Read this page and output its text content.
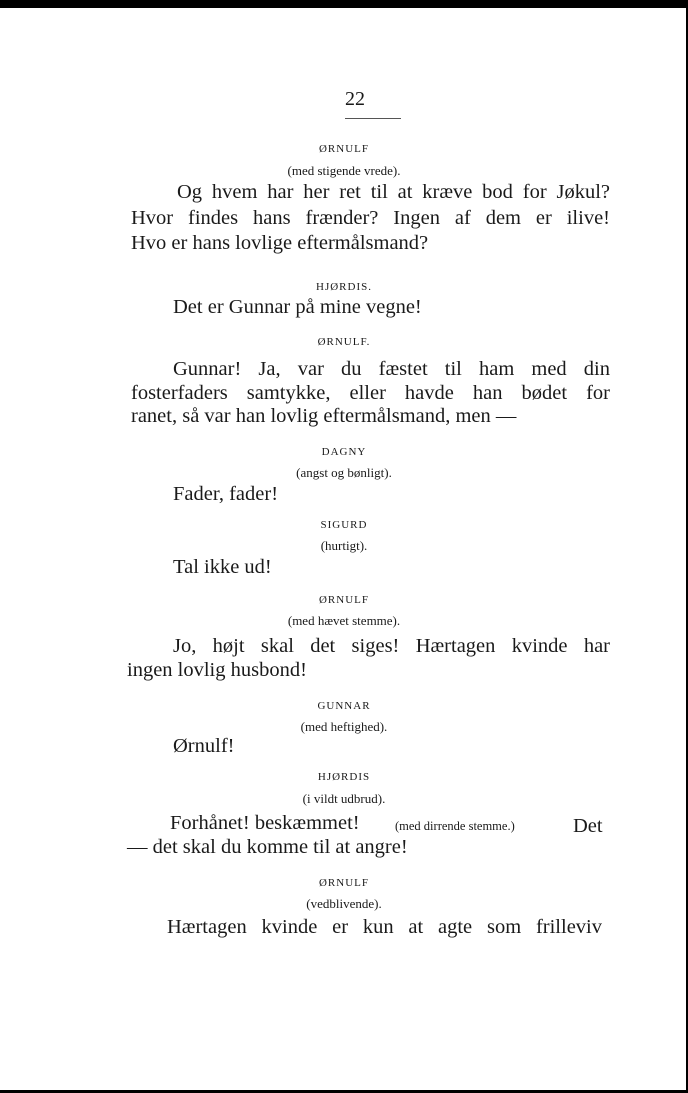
22
ØRNULF
(med stigende vrede).
Og hvem har her ret til at kræve bod for Jøkul?
Hvor findes hans frænder? Ingen af dem er ilive!
Hvo er hans lovlige eftermålsmand?
HJØRDIS.
Det er Gunnar på mine vegne!
ØRNULF.
Gunnar! Ja, var du fæstet til ham med din
fosterfaders samtykke, eller havde han bødet for
ranet, så var han lovlig eftermålsmand, men —
DAGNY
(angst og bønligt).
Fader, fader!
SIGURD
(hurtigt).
Tal ikke ud!
ØRNULF
(med hævet stemme).
Jo, højt skal det siges! Hærtagen kvinde har
ingen lovlig husbond!
GUNNAR
(med heftighed).
Ørnulf!
HJØRDIS
(i vildt udbrud).
Forhånet! beskæmmet!	(med dirrende stemme.)	Det
— det skal du komme til at angre!
ØRNULF
(vedblivende).
Hærtagen kvinde er kun at agte som frilleviv
